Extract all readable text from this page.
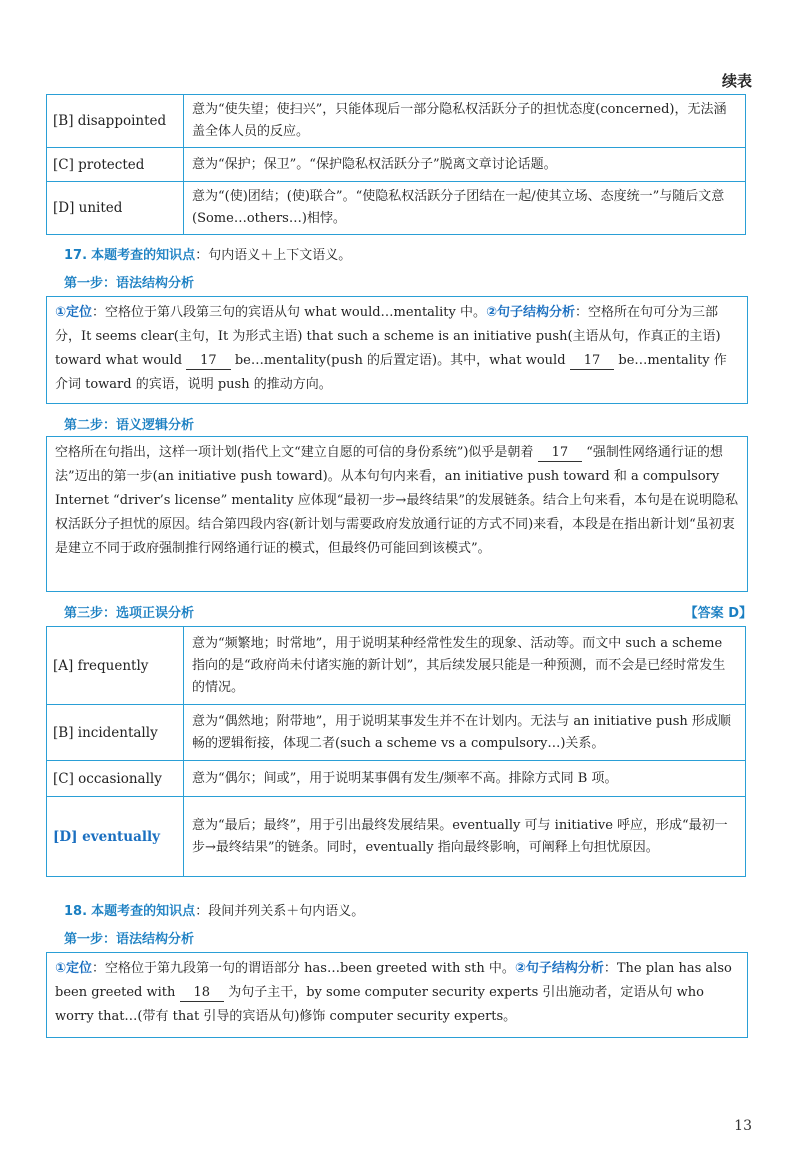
续表
[B] disappointed	意为“使失望；使扫兴”，只能体现后一部分隐私权活跃分子的担忧态度(concerned)，无法涵盖全体人员的反应。
[C] protected	意为“保护；保卫”。“保护隐私权活跃分子”脱离文章讨论话题。
[D] united	意为“(使)团结；(使)联合”。“使隐私权活跃分子团结在一起/使其立场、态度统一”与随后文意(Some…others…)相悖。
17. 本题考查的知识点：句内语义＋上下文语义。
第一步：语法结构分析
①定位：空格位于第八段第三句的宾语从句 what would…mentality 中。②句子结构分析：空格所在句可分为三部分，It seems clear(主句，It 为形式主语) that such a scheme is an initiative push(主语从句，作真正的主语) toward what would 17 be…mentality(push 的后置定语)。其中，what would 17 be…mentality 作介词 toward 的宾语，说明 push 的推动方向。
第二步：语义逻辑分析
空格所在句指出，这样一项计划(指代上文“建立自愿的可信的身份系统”)似乎是朝着 17 “强制性网络通行证的想法”迈出的第一步(an initiative push toward)。从本句句内来看，an initiative push toward 和 a compulsory Internet “driver’s license” mentality 应体现“最初一步→最终结果”的发展链条。结合上句来看，本句是在说明隐私权活跃分子担忧的原因。结合第四段内容(新计划与需要政府发放通行证的方式不同)来看，本段是在指出新计划“虽初衷是建立不同于政府强制推行网络通行证的模式，但最终仍可能回到该模式”。
第三步：选项正误分析	【答案 D】
[A] frequently	意为“频繁地；时常地”，用于说明某种经常性发生的现象、活动等。而文中 such a scheme 指向的是“政府尚未付诸实施的新计划”，其后续发展只能是一种预测，而不会是已经时常发生的情况。
[B] incidentally	意为“偶然地；附带地”，用于说明某事发生并不在计划内。无法与 an initiative push 形成顺畅的逻辑衔接，体现二者(such a scheme vs a compulsory…)关系。
[C] occasionally	意为“偶尔；间或”，用于说明某事偶有发生/频率不高。排除方式同 B 项。
[D] eventually	意为“最后；最终”，用于引出最终发展结果。eventually 可与 initiative 呼应，形成“最初一步→最终结果”的链条。同时，eventually 指向最终影响，可阐释上句担忧原因。
18. 本题考查的知识点：段间并列关系＋句内语义。
第一步：语法结构分析
①定位：空格位于第九段第一句的谓语部分 has…been greeted with sth 中。②句子结构分析：The plan has also been greeted with 18 为句子主干，by some computer security experts 引出施动者，定语从句 who worry that…(带有 that 引导的宾语从句)修饰 computer security experts。
13
